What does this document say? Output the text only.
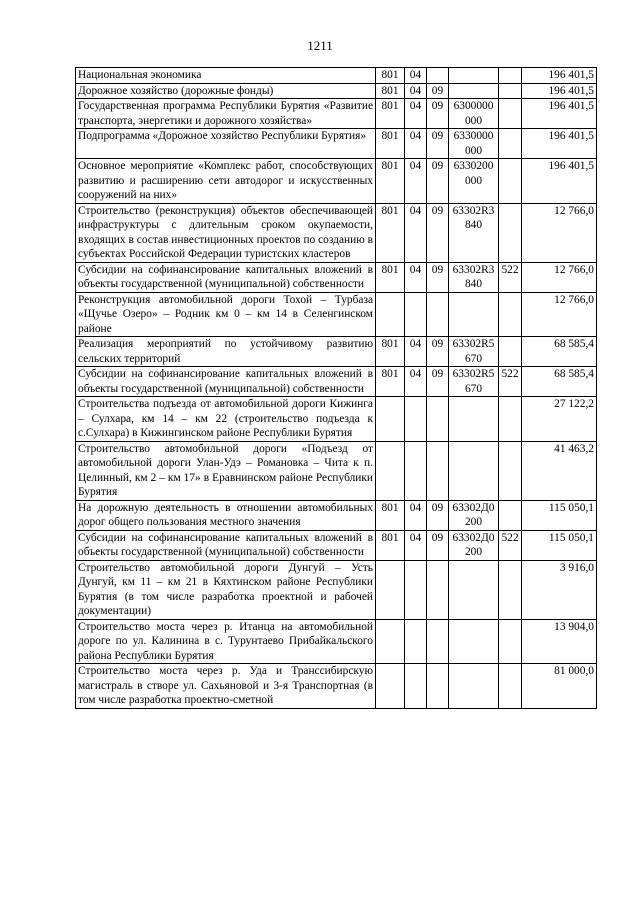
1211
Национальная экономика	801	04				196 401,5
Дорожное хозяйство (дорожные фонды)	801	04	09			196 401,5
Государственная программа Республики Бурятия «Развитие транспорта, энергетики и дорожного хозяйства»	801	04	09	6300000 000		196 401,5
Подпрограмма «Дорожное хозяйство Республики Бурятия»	801	04	09	6330000 000		196 401,5
Основное мероприятие «Комплекс работ, способствующих развитию и расширению сети автодорог и искусственных сооружений на них»	801	04	09	6330200 000		196 401,5
Строительство (реконструкция) объектов обеспечивающей инфраструктуры с длительным сроком окупаемости, входящих в состав инвестиционных проектов по созданию в субъектах Российской Федерации туристских кластеров	801	04	09	63302R3 840		12 766,0
Субсидии на софинансирование капитальных вложений в объекты государственной (муниципальной) собственности	801	04	09	63302R3 840	522	12 766,0
Реконструкция автомобильной дороги Тохой – Турбаза «Щучье Озеро» – Родник км 0 – км 14 в Селенгинском районе						12 766,0
Реализация мероприятий по устойчивому развитию сельских территорий	801	04	09	63302R5 670		68 585,4
Субсидии на софинансирование капитальных вложений в объекты государственной (муниципальной) собственности	801	04	09	63302R5 670	522	68 585,4
Строительства подъезда от автомобильной дороги Кижинга – Сулхара, км 14 – км 22 (строительство подъезда к с.Сулхара) в Кижингинском районе Республики Бурятия						27 122,2
Строительство автомобильной дороги «Подъезд от автомобильной дороги Улан-Удэ – Романовка – Чита к п. Целинный, км 2 – км 17» в Еравнинском районе Республики Бурятия						41 463,2
На дорожную деятельность в отношении автомобильных дорог общего пользования местного значения	801	04	09	63302Д0 200		115 050,1
Субсидии на софинансирование капитальных вложений в объекты государственной (муниципальной) собственности	801	04	09	63302Д0 200	522	115 050,1
Строительство автомобильной дороги Дунгуй – Усть Дунгуй, км 11 – км 21 в Кяхтинском районе Республики Бурятия (в том числе разработка проектной и рабочей документации)						3 916,0
Строительство моста через р. Итанца на автомобильной дороге по ул. Калинина в с. Турунтаево Прибайкальского района Республики Бурятия						13 904,0
Строительство моста через р. Уда и Транссибирскую магистраль в створе ул. Сахьяновой и 3-я Транспортная (в том числе разработка проектно-сметной						81 000,0
